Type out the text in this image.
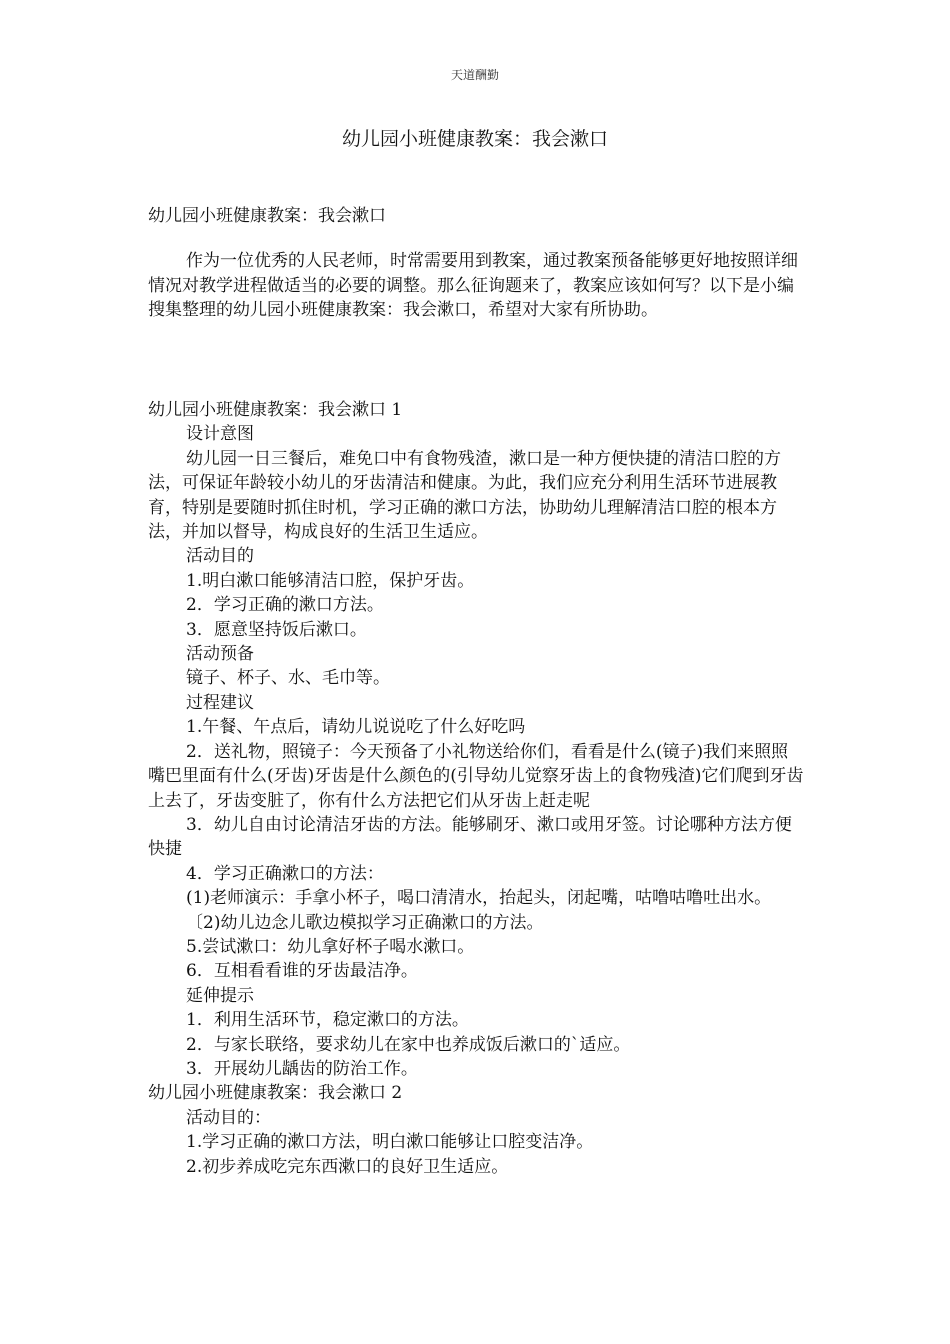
天道酬勤
幼儿园小班健康教案：我会漱口
幼儿园小班健康教案：我会漱口
作为一位优秀的人民老师，时常需要用到教案，通过教案预备能够更好地按照详细情况对教学进程做适当的必要的调整。那么征询题来了，教案应该如何写？以下是小编搜集整理的幼儿园小班健康教案：我会漱口，希望对大家有所协助。
幼儿园小班健康教案：我会漱口 1
设计意图
幼儿园一日三餐后，难免口中有食物残渣，漱口是一种方便快捷的清洁口腔的方法，可保证年龄较小幼儿的牙齿清洁和健康。为此，我们应充分利用生活环节进展教育，特别是要随时抓住时机，学习正确的漱口方法，协助幼儿理解清洁口腔的根本方法，并加以督导，构成良好的生活卫生适应。
活动目的
1.明白漱口能够清洁口腔，保护牙齿。
2．学习正确的漱口方法。
3．愿意坚持饭后漱口。
活动预备
镜子、杯子、水、毛巾等。
过程建议
1.午餐、午点后，请幼儿说说吃了什么好吃吗
2．送礼物，照镜子：今天预备了小礼物送给你们，看看是什么(镜子)我们来照照嘴巴里面有什么(牙齿)牙齿是什么颜色的(引导幼儿觉察牙齿上的食物残渣)它们爬到牙齿上去了，牙齿变脏了，你有什么方法把它们从牙齿上赶走呢
3．幼儿自由讨论清洁牙齿的方法。能够刷牙、漱口或用牙签。讨论哪种方法方便快捷
4．学习正确漱口的方法：
(1)老师演示：手拿小杯子，喝口清清水，抬起头，闭起嘴，咕噜咕噜吐出水。
〔2)幼儿边念儿歌边模拟学习正确漱口的方法。
5.尝试漱口：幼儿拿好杯子喝水漱口。
6．互相看看谁的牙齿最洁净。
延伸提示
1．利用生活环节，稳定漱口的方法。
2．与家长联络，要求幼儿在家中也养成饭后漱口的`适应。
3．开展幼儿龋齿的防治工作。
幼儿园小班健康教案：我会漱口 2
活动目的：
1.学习正确的漱口方法，明白漱口能够让口腔变洁净。
2.初步养成吃完东西漱口的良好卫生适应。
